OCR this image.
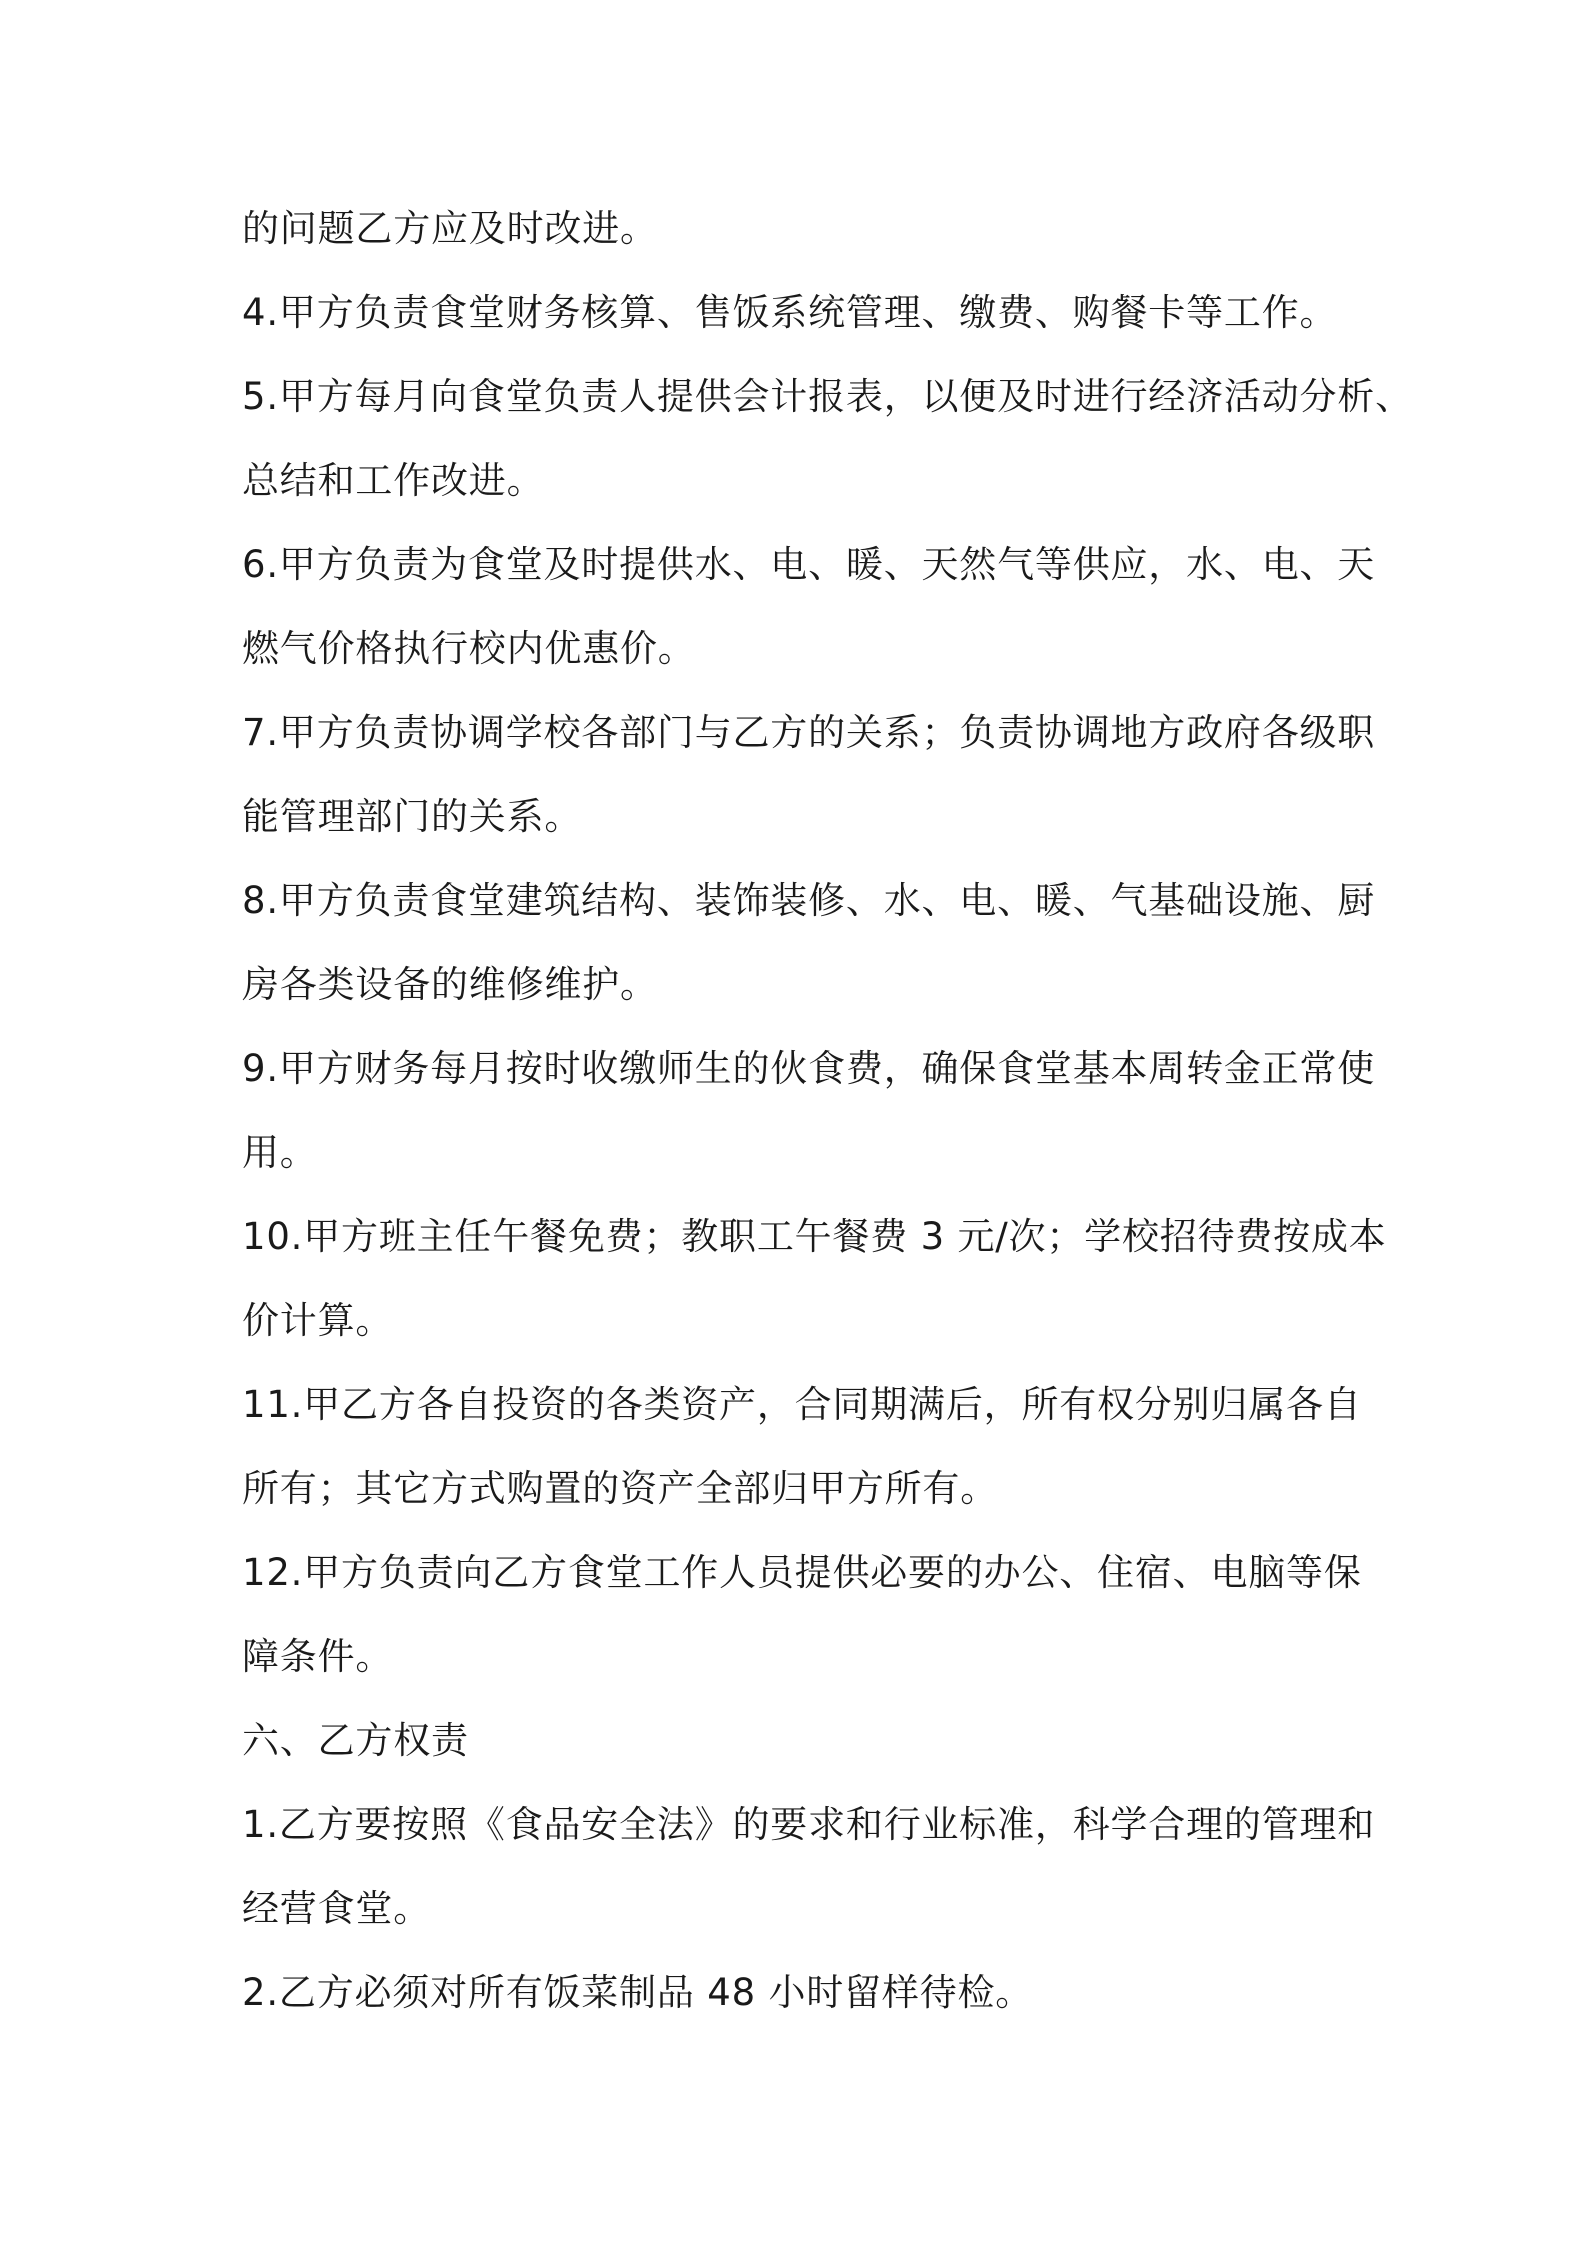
的问题乙方应及时改进。
4.甲方负责食堂财务核算、售饭系统管理、缴费、购餐卡等工作。
5.甲方每月向食堂负责人提供会计报表，以便及时进行经济活动分析、
总结和工作改进。
6.甲方负责为食堂及时提供水、电、暖、天然气等供应，水、电、天
燃气价格执行校内优惠价。
7.甲方负责协调学校各部门与乙方的关系；负责协调地方政府各级职
能管理部门的关系。
8.甲方负责食堂建筑结构、装饰装修、水、电、暖、气基础设施、厨
房各类设备的维修维护。
9.甲方财务每月按时收缴师生的伙食费，确保食堂基本周转金正常使
用。
10.甲方班主任午餐免费；教职工午餐费 3 元/次；学校招待费按成本
价计算。
11.甲乙方各自投资的各类资产，合同期满后，所有权分别归属各自
所有；其它方式购置的资产全部归甲方所有。
12.甲方负责向乙方食堂工作人员提供必要的办公、住宿、电脑等保
障条件。
六、乙方权责
1.乙方要按照《食品安全法》的要求和行业标准，科学合理的管理和
经营食堂。
2.乙方必须对所有饭菜制品 48 小时留样待检。
